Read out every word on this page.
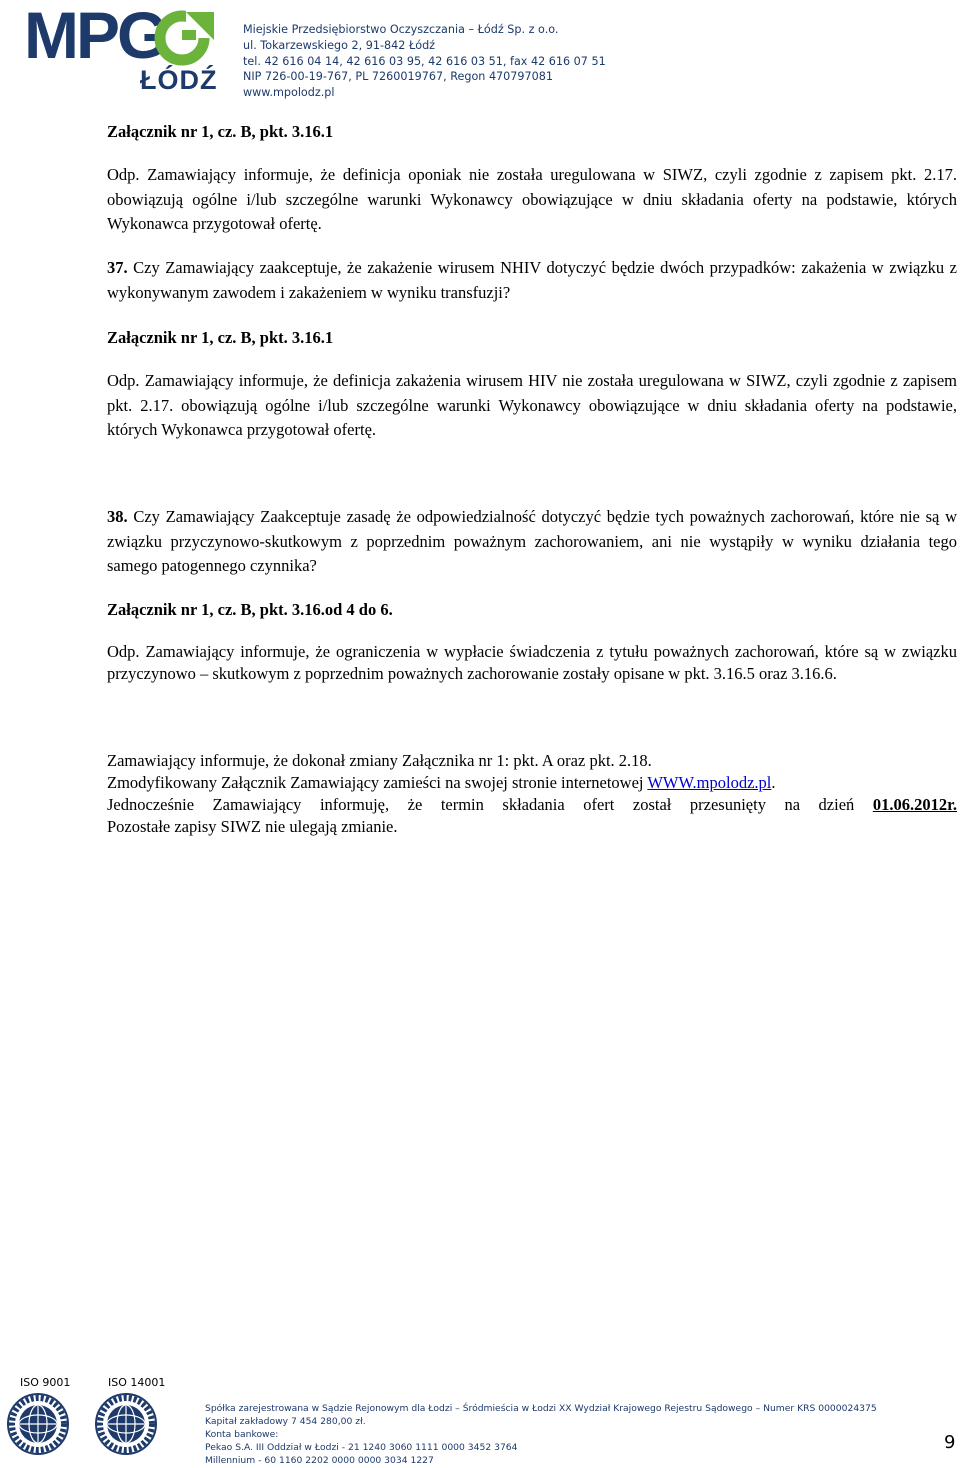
MPG
ŁÓDŹ
Miejskie Przedsiębiorstwo Oczyszczania – Łódź Sp. z o.o.
ul. Tokarzewskiego 2, 91-842 Łódź
tel. 42 616 04 14, 42 616 03 95, 42 616 03 51, fax 42 616 07 51
NIP 726-00-19-767, PL 7260019767, Regon 470797081
www.mpolodz.pl

Załącznik nr 1, cz. B, pkt. 3.16.1

Odp. Zamawiający informuje, że definicja oponiak nie została uregulowana w SIWZ, czyli zgodnie z zapisem pkt. 2.17. obowiązują ogólne i/lub szczególne warunki Wykonawcy obowiązujące w dniu składania oferty na podstawie, których Wykonawca przygotował ofertę.

37. Czy Zamawiający zaakceptuje, że zakażenie wirusem NHIV dotyczyć będzie dwóch przypadków: zakażenia w związku z wykonywanym zawodem i zakażeniem w wyniku transfuzji?

Załącznik nr 1, cz. B, pkt. 3.16.1

Odp. Zamawiający informuje, że definicja zakażenia wirusem HIV nie została uregulowana w SIWZ, czyli zgodnie z zapisem pkt. 2.17. obowiązują ogólne i/lub szczególne warunki Wykonawcy obowiązujące w dniu składania oferty na podstawie, których Wykonawca przygotował ofertę.

38. Czy Zamawiający Zaakceptuje zasadę że odpowiedzialność dotyczyć będzie tych poważnych zachorowań, które nie są w związku przyczynowo-skutkowym z poprzednim poważnym zachorowaniem, ani nie wystąpiły w wyniku działania tego samego patogennego czynnika?

Załącznik nr 1, cz. B, pkt. 3.16.od 4 do 6.

Odp. Zamawiający informuje, że ograniczenia w wypłacie świadczenia z tytułu poważnych zachorowań, które są w związku przyczynowo – skutkowym z poprzednim poważnych zachorowanie zostały opisane w pkt. 3.16.5 oraz 3.16.6.

Zamawiający informuje, że dokonał zmiany Załącznika nr 1: pkt. A oraz pkt. 2.18.

Zmodyfikowany Załącznik Zamawiający zamieści na swojej stronie internetowej WWW.mpolodz.pl.

Jednocześnie Zamawiający informuję, że termin składania ofert został przesunięty na dzień 01.06.2012r.

Pozostałe zapisy SIWZ nie ulegają zmianie.

ISO 9001	ISO 14001
Spółka zarejestrowana w Sądzie Rejonowym dla Łodzi – Śródmieścia w Łodzi XX Wydział Krajowego Rejestru Sądowego – Numer KRS 0000024375
Kapitał zakładowy 7 454 280,00 zł.
Konta bankowe:
Pekao S.A. III Oddział w Łodzi - 21 1240 3060 1111 0000 3452 3764
Millennium - 60 1160 2202 0000 0000 3034 1227
9
